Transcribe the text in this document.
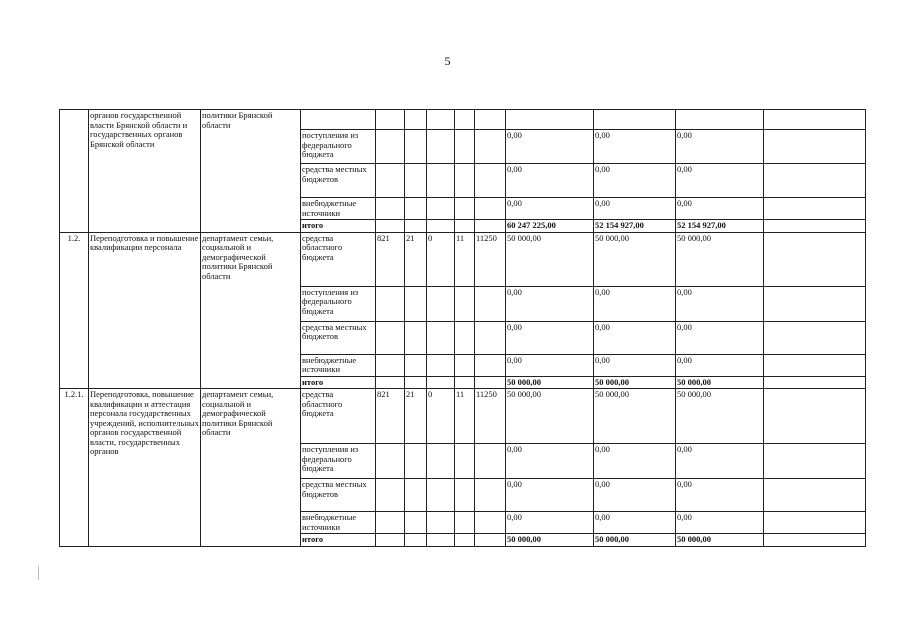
5
	органов государственной власти Брянской области и государственных органов Брянской области	политики Брянской области										
			поступления из федерального бюджета						0,00	0,00	0,00	
			средства местных бюджетов						0,00	0,00	0,00	
			внебюджетные источники						0,00	0,00	0,00	
			итого						60 247 225,00	52 154 927,00	52 154 927,00	
1.2.	Переподготовка и повышение квалификации персонала	департамент семьи, социальной и демографической политики Брянской области	средства областного бюджета	821	21	0	11	11250	50 000,00	50 000,00	50 000,00	
			поступления из федерального бюджета						0,00	0,00	0,00	
			средства местных бюджетов						0,00	0,00	0,00	
			внебюджетные источники						0,00	0,00	0,00	
			итого						50 000,00	50 000,00	50 000,00	
1.2.1.	Переподготовка, повышение квалификации и аттестация персонала государственных учреждений, исполнительных органов государственной власти, государственных органов	департамент семьи, социальной и демографической политики Брянской области	средства областного бюджета	821	21	0	11	11250	50 000,00	50 000,00	50 000,00	
			поступления из федерального бюджета						0,00	0,00	0,00	
			средства местных бюджетов						0,00	0,00	0,00	
			внебюджетные источники						0,00	0,00	0,00	
			итого						50 000,00	50 000,00	50 000,00	
